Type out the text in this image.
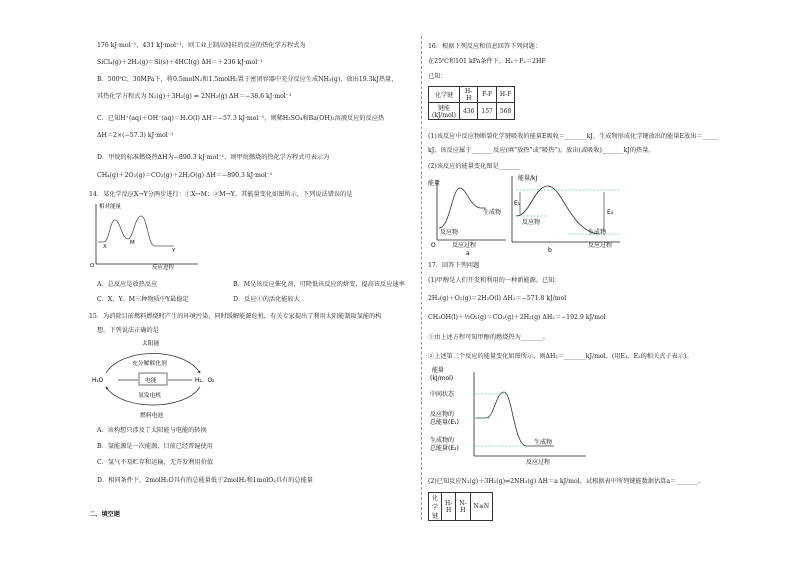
176 kJ·mol⁻¹，431 kJ·mol⁻¹，则工业上制高纯硅的反应的热化学方程式为
SiCl₄(g)＋2H₂(g)＝Si(s)＋4HCl(g) ΔH＝＋236 kJ·mol⁻¹
B．500℃、30MPa下，将0.5molN₂和1.5molH₂置于密闭容器中充分反应生成NH₃(g)，放出19.3kJ热量，
其热化学方程式为 N₂(g)＋3H₂(g) ⇌ 2NH₃(g) ΔH＝−38.6 kJ·mol⁻¹
C．已知H⁺(aq)＋OH⁻(aq)＝H₂O(l) ΔH＝−57.3 kJ·mol⁻¹，则稀H₂SO₄和Ba(OH)₂溶液反应的反应热
ΔH＝2×(−57.3) kJ·mol⁻¹
D．甲烷的标准燃烧热ΔH为−890.3 kJ·mol⁻¹，则甲烷燃烧的热化学方程式可表示为
CH₄(g)＋2O₂(g)＝CO₂(g)＋2H₂O(g) ΔH＝−890.3 kJ·mol⁻¹
14．某化学反应X→Y分两步进行：①X→M；②M→Y。其能量变化如图所示，下列说法错误的是
相对能量
O
X
M
Y
反应进程
A．总反应是放热反应	B．M是该反应催化剂，可降低该反应的焓变，提高该反应速率
C．X、Y、M三种物质中Y最稳定	D．反应①的活化能较大
15．为消除目前燃料燃烧时产生的环境污染，同时缓解能源危机，有关专家提出了利用太阳能制取氢能的构
想。下列说法正确的是
太阳能
充分解催化剂
电能
H₂O	H₂、O₂
氢发电机
燃料电池
A．该构想只涉及了太阳能与电能的转换
B．氢能源是一次能源，目前已经普遍使用
C．氢气不易贮存和运输，无开发利用价值
D．相同条件下，2molH₂O具有的总能量低于2molH₂和1molO₂具有的总能量
二、填空题
16．根据下列反应和信息回答下列问题：
在25℃和101 kPa条件下，H₂＋F₂＝2HF
已知：
化学键	H-H	F-F	H-F
键能(kJ/mol)	436	157	568
(1)该反应中反应物断裂化学键吸收的能量E吸收＝_______kJ，生成物形成化学键放出的能量E放出＝_____
kJ，该反应属于_______反应(填“放热”或“吸热”)，放出(或吸收)_______kJ的热量。
(2)该反应的能量变化图是_______
能量
生成物
反应物
O	反应过程
a
能量/kJ
E₁
E₃
反应物
生成物
反应过程
b
17．回答下列问题
(1)甲醇是人们开发和利用的一种新能源。已知：
2H₂(g)＋O₂(g)＝2H₂O(l) ΔH₁＝−571.8 kJ/mol
CH₃OH(l)＋½O₂(g)＝CO₂(g)＋2H₂(g) ΔH₂＝−192.9 kJ/mol
①由上述方程可知甲醇的燃烧热为_______。
②上述第二个反应的能量变化如图所示，则ΔH₂＝_______kJ/mol。(用E₁、E₂的相关式子表示)。
能量
(kJ/mol)
中间状态
反应物的
总能量(E₁)
生成物的
总能量(E₂)
生成物
反应过程
(2)已知反应N₂(g)＋3H₂(g)⇌2NH₃(g) ΔH＝a kJ/mol，试根据表中所列键能数据估算a＝_______。
化学键	H-H	N-H	N≡N
